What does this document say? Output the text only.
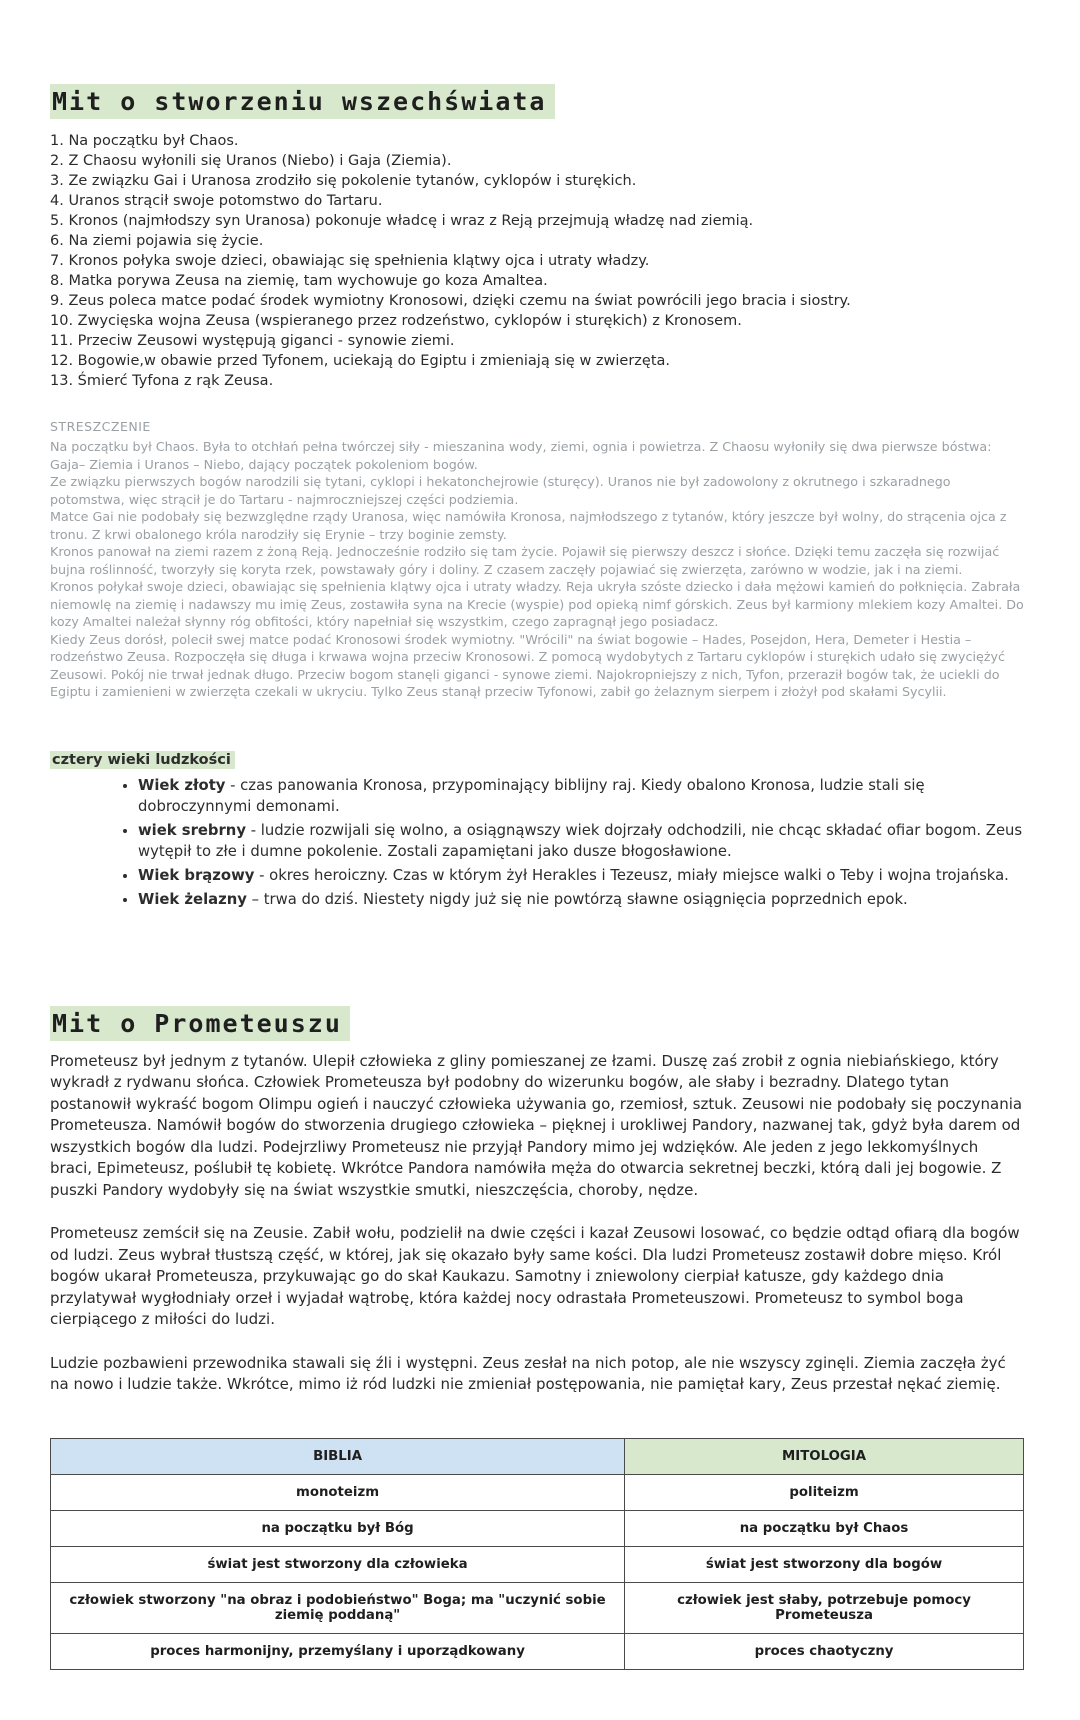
Mit o stworzeniu wszechświata
1. Na początku był Chaos.
2. Z Chaosu wyłonili się Uranos (Niebo) i Gaja (Ziemia).
3. Ze związku Gai i Uranosa zrodziło się pokolenie tytanów, cyklopów i sturękich.
4. Uranos strącił swoje potomstwo do Tartaru.
5. Kronos (najmłodszy syn Uranosa) pokonuje władcę i wraz z Reją przejmują władzę nad ziemią.
6. Na ziemi pojawia się życie.
7. Kronos połyka swoje dzieci, obawiając się spełnienia klątwy ojca i utraty władzy.
8. Matka porywa Zeusa na ziemię, tam wychowuje go koza Amaltea.
9. Zeus poleca matce podać środek wymiotny Kronosowi, dzięki czemu na świat powrócili jego bracia i siostry.
10. Zwycięska wojna Zeusa (wspieranego przez rodzeństwo, cyklopów i sturękich) z Kronosem.
11. Przeciw Zeusowi występują giganci - synowie ziemi.
12. Bogowie,w obawie przed Tyfonem, uciekają do Egiptu i zmieniają się w zwierzęta.
13. Śmierć Tyfona z rąk Zeusa.
STRESZCZENIE

Na początku był Chaos. Była to otchłań pełna twórczej siły - mieszanina wody, ziemi, ognia i powietrza. Z Chaosu wyłoniły się dwa pierwsze bóstwa: Gaja– Ziemia i Uranos – Niebo, dający początek pokoleniom bogów.

Ze związku pierwszych bogów narodzili się tytani, cyklopi i hekatonchejrowie (sturęcy). Uranos nie był zadowolony z okrutnego i szkaradnego potomstwa, więc strącił je do Tartaru - najmroczniejszej części podziemia.

Matce Gai nie podobały się bezwzględne rządy Uranosa, więc namówiła Kronosa, najmłodszego z tytanów, który jeszcze był wolny, do strącenia ojca z tronu. Z krwi obalonego króla narodziły się Erynie – trzy boginie zemsty.

Kronos panował na ziemi razem z żoną Reją. Jednocześnie rodziło się tam życie. Pojawił się pierwszy deszcz i słońce. Dzięki temu zaczęła się rozwijać bujna roślinność, tworzyły się koryta rzek, powstawały góry i doliny. Z czasem zaczęły pojawiać się zwierzęta, zarówno w wodzie, jak i na ziemi.

Kronos połykał swoje dzieci, obawiając się spełnienia klątwy ojca i utraty władzy. Reja ukryła szóste dziecko i dała mężowi kamień do połknięcia. Zabrała niemowlę na ziemię i nadawszy mu imię Zeus, zostawiła syna na Krecie (wyspie) pod opieką nimf górskich. Zeus był karmiony mlekiem kozy Amaltei. Do kozy Amaltei należał słynny róg obfitości, który napełniał się wszystkim, czego zapragnął jego posiadacz.

Kiedy Zeus dorósł, polecił swej matce podać Kronosowi środek wymiotny. "Wrócili" na świat bogowie – Hades, Posejdon, Hera, Demeter i Hestia – rodzeństwo Zeusa. Rozpoczęła się długa i krwawa wojna przeciw Kronosowi. Z pomocą wydobytych z Tartaru cyklopów i sturękich udało się zwyciężyć Zeusowi. Pokój nie trwał jednak długo. Przeciw bogom stanęli giganci - synowe ziemi. Najokropniejszy z nich, Tyfon, przeraził bogów tak, że uciekli do Egiptu i zamienieni w zwierzęta czekali w ukryciu. Tylko Zeus stanął przeciw Tyfonowi, zabił go żelaznym sierpem i złożył pod skałami Sycylii.

cztery wieki ludzkości
• Wiek złoty - czas panowania Kronosa, przypominający biblijny raj. Kiedy obalono Kronosa, ludzie stali się dobroczynnymi demonami.
• wiek srebrny - ludzie rozwijali się wolno, a osiągnąwszy wiek dojrzały odchodzili, nie chcąc składać ofiar bogom. Zeus wytępił to złe i dumne pokolenie. Zostali zapamiętani jako dusze błogosławione.
• Wiek brązowy - okres heroiczny. Czas w którym żył Herakles i Tezeusz, miały miejsce walki o Teby i wojna trojańska.
• Wiek żelazny – trwa do dziś. Niestety nigdy już się nie powtórzą sławne osiągnięcia poprzednich epok.
Mit o Prometeuszu

Prometeusz był jednym z tytanów. Ulepił człowieka z gliny pomieszanej ze łzami. Duszę zaś zrobił z ognia niebiańskiego, który wykradł z rydwanu słońca. Człowiek Prometeusza był podobny do wizerunku bogów, ale słaby i bezradny. Dlatego tytan postanowił wykraść bogom Olimpu ogień i nauczyć człowieka używania go, rzemiosł, sztuk. Zeusowi nie podobały się poczynania Prometeusza. Namówił bogów do stworzenia drugiego człowieka – pięknej i urokliwej Pandory, nazwanej tak, gdyż była darem od wszystkich bogów dla ludzi. Podejrzliwy Prometeusz nie przyjął Pandory mimo jej wdzięków. Ale jeden z jego lekkomyślnych braci, Epimeteusz, poślubił tę kobietę. Wkrótce Pandora namówiła męża do otwarcia sekretnej beczki, którą dali jej bogowie. Z puszki Pandory wydobyły się na świat wszystkie smutki, nieszczęścia, choroby, nędze.

Prometeusz zemścił się na Zeusie. Zabił wołu, podzielił na dwie części i kazał Zeusowi losować, co będzie odtąd ofiarą dla bogów od ludzi. Zeus wybrał tłustszą część, w której, jak się okazało były same kości. Dla ludzi Prometeusz zostawił dobre mięso. Król bogów ukarał Prometeusza, przykuwając go do skał Kaukazu. Samotny i zniewolony cierpiał katusze, gdy każdego dnia przylatywał wygłodniały orzeł i wyjadał wątrobę, która każdej nocy odrastała Prometeuszowi. Prometeusz to symbol boga cierpiącego z miłości do ludzi.

Ludzie pozbawieni przewodnika stawali się źli i występni. Zeus zesłał na nich potop, ale nie wszyscy zginęli. Ziemia zaczęła żyć na nowo i ludzie także. Wkrótce, mimo iż ród ludzki nie zmieniał postępowania, nie pamiętał kary, Zeus przestał nękać ziemię.

BIBLIA	MITOLOGIA
monoteizm	politeizm
na początku był Bóg	na początku był Chaos
świat jest stworzony dla człowieka	świat jest stworzony dla bogów
człowiek stworzony "na obraz i podobieństwo" Boga; ma "uczynić sobie ziemię poddaną"	człowiek jest słaby, potrzebuje pomocy Prometeusza
proces harmonijny, przemyślany i uporządkowany	proces chaotyczny
